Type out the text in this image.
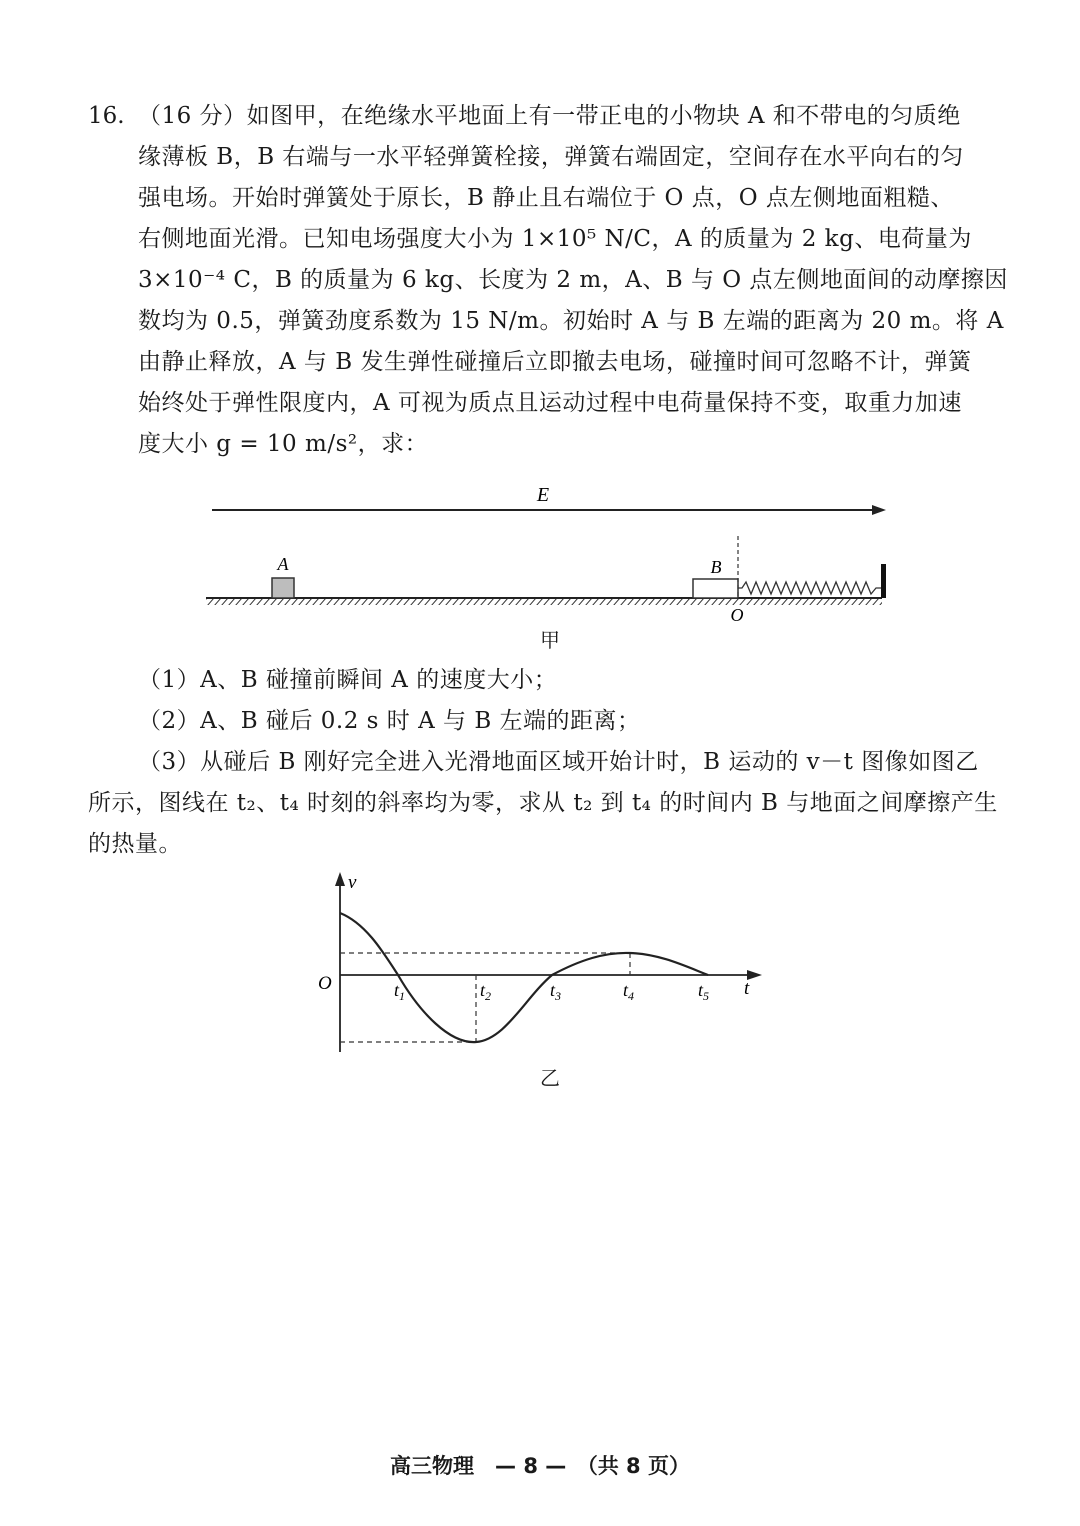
16. （16 分）如图甲，在绝缘水平地面上有一带正电的小物块 A 和不带电的匀质绝
缘薄板 B，B 右端与一水平轻弹簧栓接，弹簧右端固定，空间存在水平向右的匀
强电场。开始时弹簧处于原长，B 静止且右端位于 O 点，O 点左侧地面粗糙、
右侧地面光滑。已知电场强度大小为 1×10⁵ N/C，A 的质量为 2 kg、电荷量为
3×10⁻⁴ C，B 的质量为 6 kg、长度为 2 m，A、B 与 O 点左侧地面间的动摩擦因
数均为 0.5，弹簧劲度系数为 15 N/m。初始时 A 与 B 左端的距离为 20 m。将 A
由静止释放，A 与 B 发生弹性碰撞后立即撤去电场，碰撞时间可忽略不计，弹簧
始终处于弹性限度内，A 可视为质点且运动过程中电荷量保持不变，取重力加速
度大小 g = 10 m/s²，求：
E
A	B
O
甲
（1）A、B 碰撞前瞬间 A 的速度大小；
（2）A、B 碰后 0.2 s 时 A 与 B 左端的距离；
（3）从碰后 B 刚好完全进入光滑地面区域开始计时，B 运动的 v－t 图像如图乙
所示，图线在 t₂、t₄ 时刻的斜率均为零，求从 t₂ 到 t₄ 的时间内 B 与地面之间摩擦产生
的热量。
v
t
O	$t_1$	$t_2$	$t_3$	$t_4$	$t_5$
乙
高三物理　— 8 —　（共 8 页）
